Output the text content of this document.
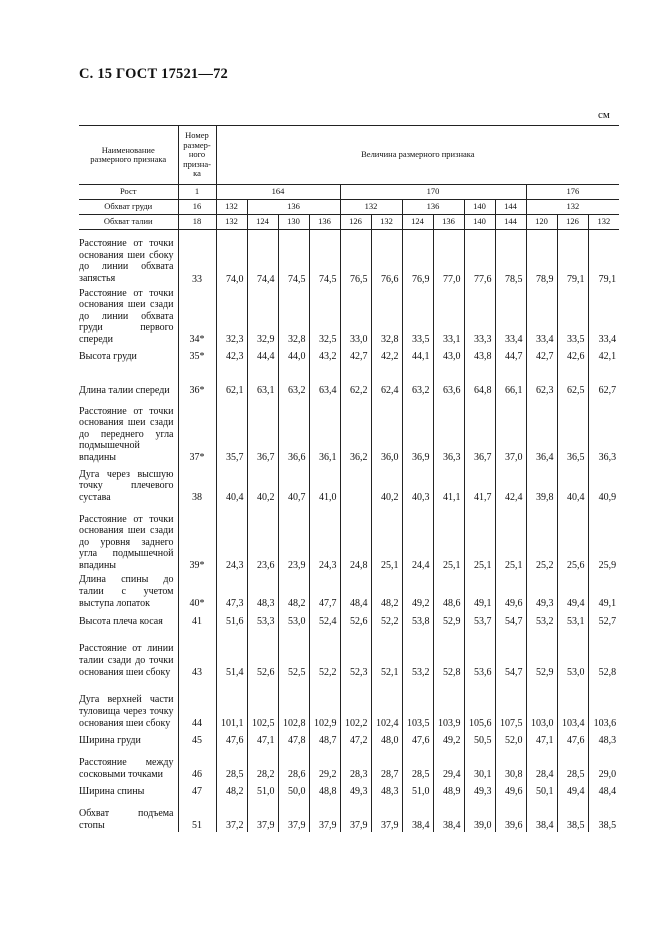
С. 15 ГОСТ 17521—72
см
Наименование размерного признака	Номер размер- ного призна- ка	Величина размерного признака												
Рост	1	164				170						176		
Обхват груди	16	132	136			132		136		140	144	132		
Обхват талии	18	132	124	130	136	126	132	124	136	140	144	120	126	132
Расстояние от точки основания шеи сбоку до линии обхвата запястья	33	74,0	74,4	74,5	74,5	76,5	76,6	76,9	77,0	77,6	78,5	78,9	79,1	79,1
Расстояние от точки основания шеи сзади до линии обхвата груди первого спереди	34*	32,3	32,9	32,8	32,5	33,0	32,8	33,5	33,1	33,3	33,4	33,4	33,5	33,4
Высота груди	35*	42,3	44,4	44,0	43,2	42,7	42,2	44,1	43,0	43,8	44,7	42,7	42,6	42,1
Длина талии спереди	36*	62,1	63,1	63,2	63,4	62,2	62,4	63,2	63,6	64,8	66,1	62,3	62,5	62,7
Расстояние от точки основания шеи сзади до переднего угла подмышечной впадины	37*	35,7	36,7	36,6	36,1	36,2	36,0	36,9	36,3	36,7	37,0	36,4	36,5	36,3
Дуга через высшую точку плечевого сустава	38	40,4	40,2	40,7	41,0		40,2	40,3	41,1	41,7	42,4	39,8	40,4	40,9
Расстояние от точки основания шеи сзади до уровня заднего угла подмышечной впадины	39*	24,3	23,6	23,9	24,3	24,8	25,1	24,4	25,1	25,1	25,1	25,2	25,6	25,9
Длина спины до талии с учетом выступа лопаток	40*	47,3	48,3	48,2	47,7	48,4	48,2	49,2	48,6	49,1	49,6	49,3	49,4	49,1
Высота плеча косая	41	51,6	53,3	53,0	52,4	52,6	52,2	53,8	52,9	53,7	54,7	53,2	53,1	52,7
Расстояние от линии талии сзади до точки основания шеи сбоку	43	51,4	52,6	52,5	52,2	52,3	52,1	53,2	52,8	53,6	54,7	52,9	53,0	52,8
Дуга верхней части туловища через точку основания шеи сбоку	44	101,1	102,5	102,8	102,9	102,2	102,4	103,5	103,9	105,6	107,5	103,0	103,4	103,6
Ширина груди	45	47,6	47,1	47,8	48,7	47,2	48,0	47,6	49,2	50,5	52,0	47,1	47,6	48,3
Расстояние между сосковыми точками	46	28,5	28,2	28,6	29,2	28,3	28,7	28,5	29,4	30,1	30,8	28,4	28,5	29,0
Ширина спины	47	48,2	51,0	50,0	48,8	49,3	48,3	51,0	48,9	49,3	49,6	50,1	49,4	48,4
Обхват подъема стопы	51	37,2	37,9	37,9	37,9	37,9	37,9	38,4	38,4	39,0	39,6	38,4	38,5	38,5
